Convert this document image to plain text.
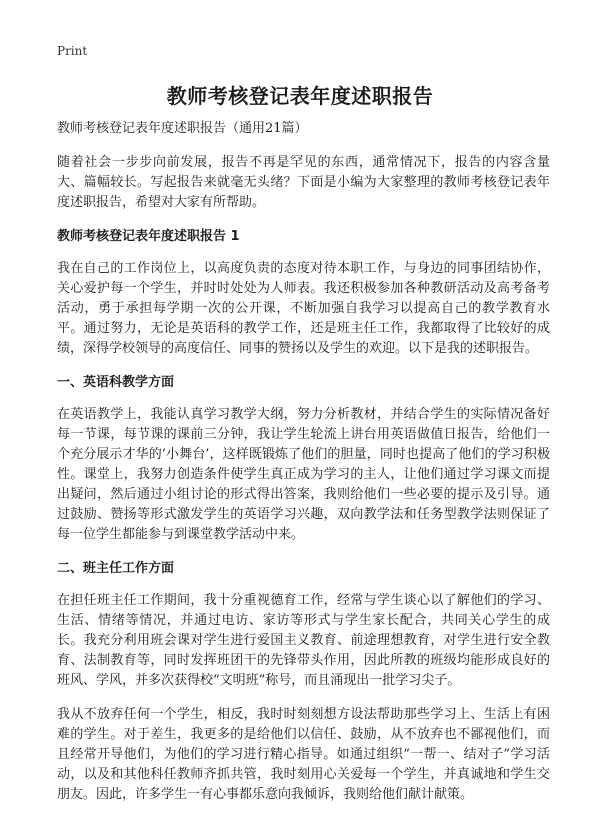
Print
教师考核登记表年度述职报告

教师考核登记表年度述职报告（通用21篇）

随着社会一步步向前发展，报告不再是罕见的东西，通常情况下，报告的内容含量大、篇幅较长。写起报告来就毫无头绪？下面是小编为大家整理的教师考核登记表年度述职报告，希望对大家有所帮助。

教师考核登记表年度述职报告 1

我在自己的工作岗位上，以高度负责的态度对待本职工作，与身边的同事团结协作，关心爱护每一个学生，并时时处处为人师表。我还积极参加各种教研活动及高考备考活动，勇于承担每学期一次的公开课，不断加强自我学习以提高自己的教学教育水平。通过努力，无论是英语科的教学工作，还是班主任工作，我都取得了比较好的成绩，深得学校领导的高度信任、同事的赞扬以及学生的欢迎。以下是我的述职报告。

一、英语科教学方面

在英语教学上，我能认真学习教学大纲，努力分析教材，并结合学生的实际情况备好每一节课，每节课的课前三分钟，我让学生轮流上讲台用英语做值日报告，给他们一个充分展示才华的‘小舞台’，这样既锻炼了他们的胆量，同时也提高了他们的学习积极性。课堂上，我努力创造条件使学生真正成为学习的主人，让他们通过学习课文而提出疑问，然后通过小组讨论的形式得出答案，我则给他们一些必要的提示及引导。通过鼓励、赞扬等形式激发学生的英语学习兴趣，双向教学法和任务型教学法则保证了每一位学生都能参与到课堂教学活动中来。

二、班主任工作方面

在担任班主任工作期间，我十分重视德育工作，经常与学生谈心以了解他们的学习、生活、情绪等情况，并通过电访、家访等形式与学生家长配合，共同关心学生的成长。我充分利用班会课对学生进行爱国主义教育、前途理想教育，对学生进行安全教育、法制教育等，同时发挥班团干的先锋带头作用，因此所教的班级均能形成良好的班风、学风，并多次获得校“文明班”称号，而且涌现出一批学习尖子。

我从不放弃任何一个学生，相反，我时时刻刻想方设法帮助那些学习上、生活上有困难的学生。对于差生，我更多的是给他们以信任、鼓励，从不放弃也不鄙视他们，而且经常开导他们，为他们的学习进行精心指导。如通过组织“一帮一、结对子”学习活动，以及和其他科任教师齐抓共管，我时刻用心关爱每一个学生，并真诚地和学生交朋友。因此，许多学生一有心事都乐意向我倾诉，我则给他们献计献策。
